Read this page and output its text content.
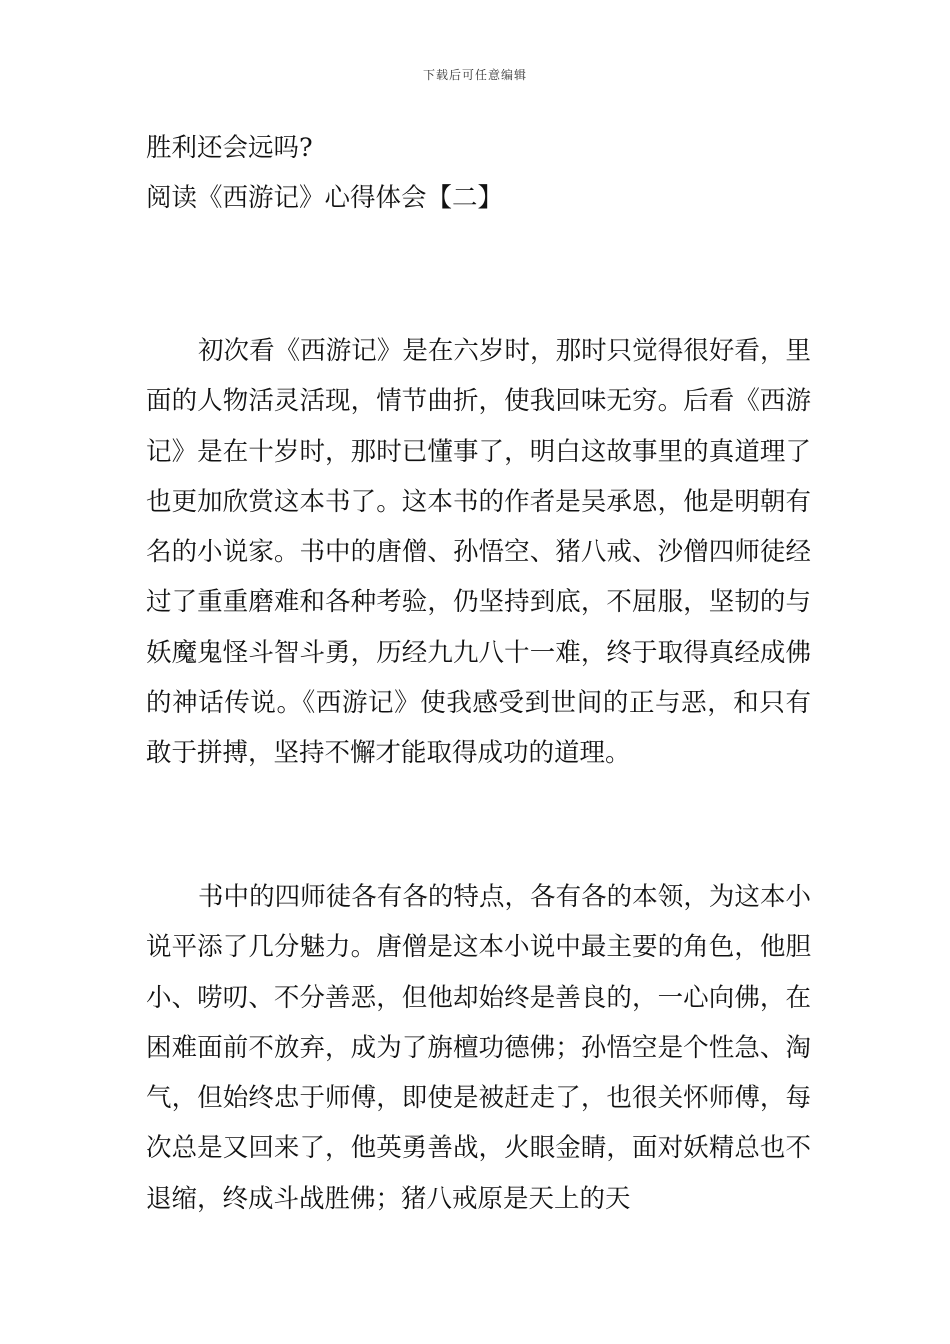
下载后可任意编辑
胜利还会远吗?
阅读《西游记》心得体会【二】

初次看《西游记》是在六岁时，那时只觉得很好看，里面的人物活灵活现，情节曲折，使我回味无穷。后看《西游记》是在十岁时，那时已懂事了，明白这故事里的真道理了也更加欣赏这本书了。这本书的作者是吴承恩，他是明朝有名的小说家。书中的唐僧、孙悟空、猪八戒、沙僧四师徒经过了重重磨难和各种考验，仍坚持到底，不屈服，坚韧的与妖魔鬼怪斗智斗勇，历经九九八十一难，终于取得真经成佛的神话传说。《西游记》使我感受到世间的正与恶，和只有敢于拼搏，坚持不懈才能取得成功的道理。

书中的四师徒各有各的特点，各有各的本领，为这本小说平添了几分魅力。唐僧是这本小说中最主要的角色，他胆小、唠叨、不分善恶，但他却始终是善良的，一心向佛，在困难面前不放弃，成为了旃檀功德佛；孙悟空是个性急、淘气，但始终忠于师傅，即使是被赶走了，也很关怀师傅，每次总是又回来了，他英勇善战，火眼金睛，面对妖精总也不退缩，终成斗战胜佛；猪八戒原是天上的天
